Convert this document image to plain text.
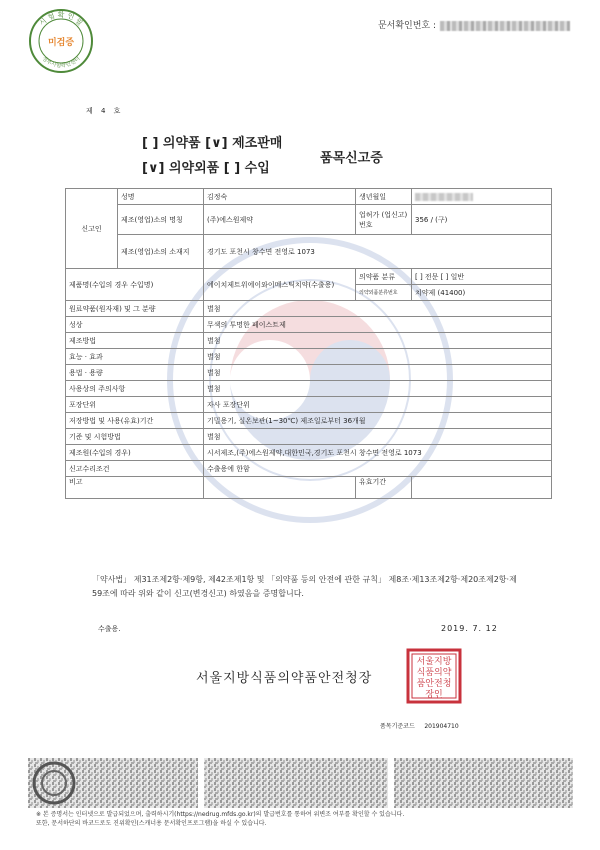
시 험 확 인 필
정부시험확인센터
미검증
문서확인번호 :
제 4 호
[ ] 의약품 [∨] 제조판매
[∨] 의약외품 [ ] 수입
품목신고증
신고인	성명	김정숙	생년월일	
	제조(영업)소의 명칭	(주)에스원제약	업허가 (업신고)번호	356 / (구)
	제조(영업)소의 소재지	경기도 포천시 창수면 전영로 1073		
제품명(수입의 경우 수입명)		에이치제트위에이와이메스틱치약(수출용)	의약품 분류	[ ] 전문 [ ] 일반
			의약외품분류번호	치약제 (41400)
원료약품(원자재) 및 그 분량		별첨		
성상		무색의 투명한 페이스트제		
제조방법		별첨		
효능 · 효과		별첨		
용법 · 용량		별첨		
사용상의 주의사항		별첨		
포장단위		자사 포장단위		
저장방법 및 사용(유효)기간		기밀용기, 실온보관(1~30℃) 제조일로부터 36개월		
기준 및 시험방법		별첨		
제조원(수입의 경우)		시서제조,(주)에스원제약,대한민국,경기도 포천시 창수면 전영로 1073		
신고수리조건		수출용에 한함		
비고			유효기간	
「약사법」 제31조제2항·제9항, 제42조제1항 및 「의약품 등의 안전에 관한 규칙」 제8조·제13조제2항·제20조제2항·제59조에 따라 위와 같이 신고(변경신고) 하였음을 증명합니다.
수출용.	2019. 7. 12
서울지방식품의약품안전청장
서울지방
식품의약
품안전청
장인
품목기준코드 201904710
※ 본 증명서는 인터넷으로 발급되었으며, 출력하시기(https://nedrug.mfds.go.kr)의 발급번호를 통하여 위변조 여부를 확인할 수 있습니다.
또한, 문서하단의 바코드로도 진위확인(스캐너용 문서확인프로그램)을 하실 수 있습니다.
